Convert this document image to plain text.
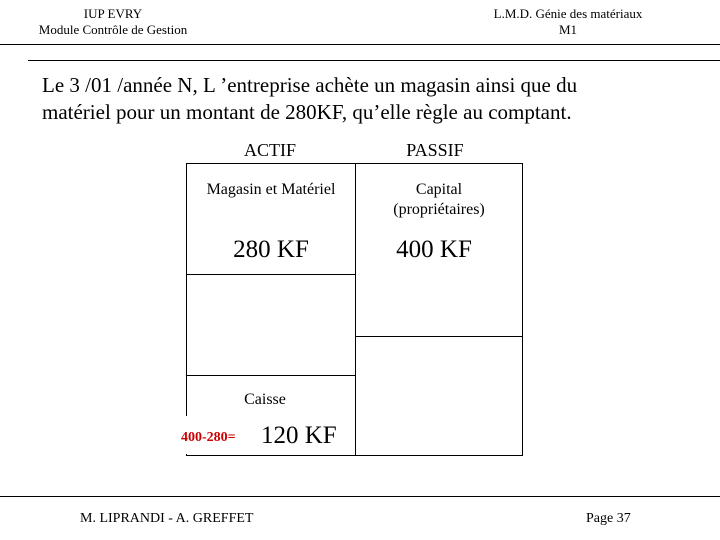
IUP EVRY
Module Contrôle de Gestion
L.M.D. Génie des matériaux
M1
Le 3 /01 /année N, L ’entreprise achète un magasin ainsi que du
matériel pour un montant de 280KF, qu’elle règle au comptant.
ACTIF	PASSIF
Magasin et Matériel
280 KF
Caisse
400-280= 120 KF
Capital
(propriétaires)
400 KF
M. LIPRANDI - A. GREFFET	Page 37
